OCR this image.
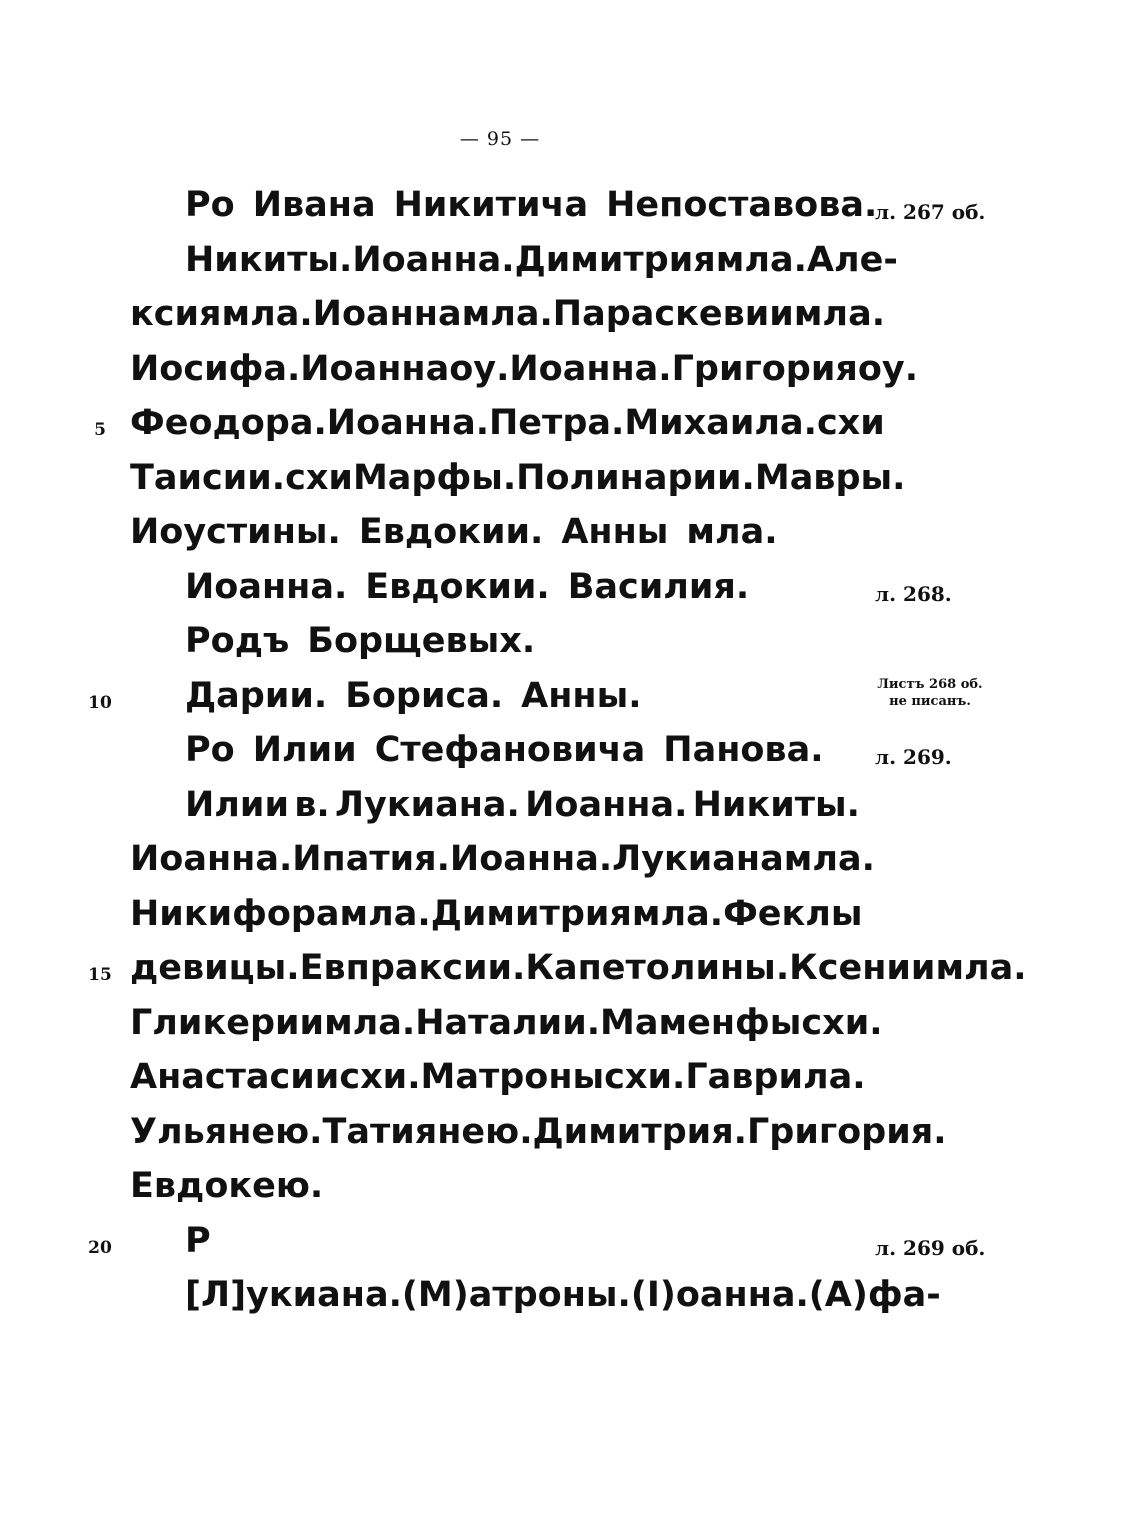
— 95 —
Ро Ивана Никитича Непоставова.
Никиты. Иоанна. Димитрия мла. Але-
ксия мла. Иоанна мла. Параскевии мла.
Иосифа. Иоанна оу. Иоанна. Григория оу.
Феодора. Иоанна. Петра. Михаила. схи
Таисии. схи Марфы. Полинарии. Мавры.
Иоустины. Евдокии. Анны мла.
Иоанна. Евдокии. Василия.
Родъ Борщевых.
Дарии. Бориса. Анны.
Ро Илии Стефановича Панова.
Илии в. Лукиана. Иоанна. Никиты.
Иоанна. Ипатия. Иоанна. Лукиана мла.
Никифора мла. Димитрия мла. Феклы
девицы. Евпраксии. Капетолины. Ксении мла.
Гликерии мла. Наталии. Маменфы схи.
Анастасии схи. Матроны схи. Гаврила.
Ульянею. Татиянею. Димитрия. Григория.
Евдокею.
Р
[Л]укиана. (М)атроны. (І)оанна. (А)фа-
5
10
15
20
л. 267 об.
л. 268.
л. 269.
л. 269 об.
Листъ 268 об.
не писанъ.
